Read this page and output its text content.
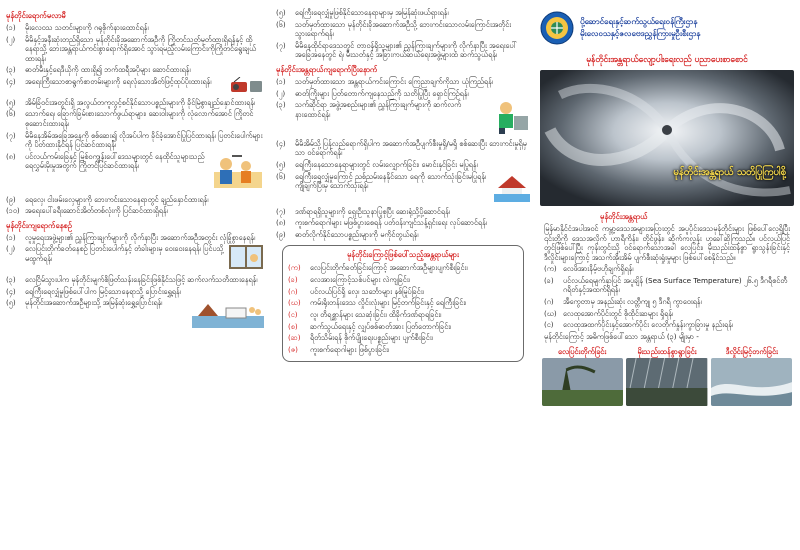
မုန်တိုင်းရောက်မလာမီ
(၁)	မိုးလေဝသ သတင်းများကို ဂရုစိုက်နားထောင်ရန်၊
(၂)	မိမိနှင့်အနီးဆုံးတည်ရှိသော မုန်တိုင်းခိုအဆောက်အဦကို ကြိုတင်သတ်မှတ်ထားရှိရန်နှင့် ထိုနေရာသို့ ဘေးအန္တရာယ်ကင်းစွာရောက်ရှိအောင် သွားရမည့်လမ်းကြောင်းကိုကြိုတင်ရွေးချယ်ထားရန်၊
(၃)	ဓာတ်မီးနှင့်ရေဒီယိုကို ထားရှိ၍ ဘက်ထရီအပိုများ ဆောင်ထားရန်၊
(၄)	အရေးကြီးသောစာရွက်စာတမ်းများကို ရေလုံသောအိတ်ဖြင့်ထုပ်ပိုးထားရန်၊
(၅)	အိမ်ခြံဝင်းအတွင်းရှိ အလွယ်တကူလွင့်စင်နိုင်သောပစ္စည်းများကို ခိုင်မြဲစွာချည်နှောင်ထားရန်၊
(၆)	သောက်ရေ၊ ခြောက်ခြမ်းစားသောက်ဖွယ်ရာများ၊ ဆေးဝါးများကို လုံလောက်အောင် ကြိုတင်စုဆောင်းထားရန်၊
(၇)	မိမိနေအိမ်အခြေအနေကို စစ်ဆေး၍ လိုအပ်ပါက ခိုင်ခံ့အောင်ပြုပြင်ထားရန်၊ ပြတင်းပေါက်များကို ပိတ်ထားနိုင်ရန် ပြင်ဆင်ထားရန်၊
(၈)	ပင်လယ်ကမ်းခြေနှင့် မြစ်ဝကျွန်းပေါ်ဒေသများတွင် နေထိုင်သူများသည် ရေလွှမ်းမိုးမှုအတွက် ကြိုတင်ပြင်ဆင်ထားရန်၊
(၉)	ရေလှေ၊ ငါးဖမ်းလှေများကို ဘေးကင်းသောနေရာတွင် ချည်နှောင်ထားရန်၊
(၁၀) အရေးပေါ်ခရီးဆောင်အိတ်တစ်လုံးကို ပြင်ဆင်ထားရှိရန်၊
မုန်တိုင်းကျရောက်နေစဉ်
(၁)	လူမှုရေးအဖွဲ့များ၏ ညွှန်ကြားချက်များကို လိုက်နာပြီး အဆောက်အဦအတွင်း လုံခြုံစွာနေရန်၊
(၂)	လေပြင်းတိုက်ခတ်နေစဉ် ပြတင်းပေါက်နှင့် တံခါးများမှ ဝေးဝေးနေရန်၊ ပြင်ပသို့ မထွက်ရန်၊
(၃)	လေငြိမ်သွားပါက မုန်တိုင်းမျက်စိဖြတ်သန်းနေခြင်းဖြစ်နိုင်သဖြင့် ဆက်လက်သတိထားနေရန်၊
(၄)	ရေကြီးရေလျှံမှုဖြစ်ပေါ်ပါက မြင့်သောနေရာသို့ ပြောင်းရွှေ့ရန်၊
(၅)	မုန်တိုင်းအဆောက်အဦများသို့ အမြန်ဆုံးရွှေ့ပြောင်းရန်၊
(၅)	ရေကြီးရေလျှံမှုဖြစ်နိုင်သောနေရာများမှ အမြန်ဆုံးဖယ်ရှားရန်၊
(၆)	သတ်မှတ်ထားသော မုန်တိုင်းခိုအဆောက်အဦသို့ ဘေးကင်းသောလမ်းကြောင်းအတိုင်း သွားရောက်ရန်၊
(၇)	မိမိနေထိုင်ရာဒေသတွင် တာဝန်ရှိသူများ၏ ညွှန်ကြားချက်များကို လိုက်နာပြီး အရေးပေါ်အခြေအနေတွင် ရဲ၊ မီးသတ်နှင့် အခြားကယ်ဆယ်ရေးအဖွဲ့များထံ ဆက်သွယ်ရန်၊
မုန်တိုင်းအန္တရာယ်ကျရောက်ပြီးနောက်
(၁)	သတ်မှတ်ထားသော အန္တရာယ်ကင်းကြောင်း ကြေညာချက်ကိုသာ ယုံကြည်ရန်၊
(၂)	ဓာတ်ကြိုးများ ပြတ်တောက်ကျနေသည်ကို သတိပြုပြီး ရှောင်ကြဉ်ရန်၊
(၃)	သက်ဆိုင်ရာ အဖွဲ့အစည်းများ၏ ညွှန်ကြားချက်များကို ဆက်လက်နားထောင်ရန်၊
(၄)	မိမိအိမ်သို့ပြန်လည်ရောက်ရှိပါက အဆောက်အဦပျက်စီးမှုရှိ/မရှိ စစ်ဆေးပြီး ဘေးကင်းမှုရှိမှသာ ဝင်ရောက်ရန်၊
(၅)	ရေကြီးနေသောနေရာများတွင် လမ်းလျှောက်ခြင်း၊ မောင်းနှင်ခြင်း မပြုရန်၊
(၆)	ရေကြီးရေလျှံမှုကြောင့် ညစ်ညမ်းနေနိုင်သော ရေကို သောက်သုံးခြင်းမပြုရန်၊ ကျိုချက်ပြီးမှ သောက်သုံးရန်၊
(၇)	ဒဏ်ရာရရှိသူများကို ရှေးဦးသူနာပြုစုပြီး ဆေးရုံသို့ပို့ဆောင်ရန်၊
(၈)	ကူးစက်ရောဂါများ မဖြစ်ပွားစေရန် ပတ်ဝန်းကျင်သန့်ရှင်းရေး လုပ်ဆောင်ရန်၊
(၉)	ဓာတ်လိုက်နိုင်သောပစ္စည်းများကို မကိုင်တွယ်ရန်၊
မုန်တိုင်းကြောင့်ဖြစ်ပေါ်သည့်အန္တရာယ်များ
(က)	လေပြင်းတိုက်ခတ်ခြင်းကြောင့် အဆောက်အဦများပျက်စီးခြင်း၊
(ခ)	လေအားကြောင့်သစ်ပင်များ လဲကျခြင်း၊
(ဂ)	ပင်လယ်ပြင်ရှိ လှေ၊ သင်္ဘောများ နစ်မြုပ်ခြင်း၊
(ဃ)	ကမ်းရိုးတန်းဒေသ လှိုင်းလုံးများ မြင့်တက်ခြင်းနှင့် ရေကြီးခြင်း၊
(င)	လူ၊ တိရစ္ဆာန်များ သေဆုံးခြင်း၊ ထိခိုက်ဒဏ်ရာရခြင်း၊
(စ)	ဆက်သွယ်ရေးနှင့် လျှပ်စစ်ဓာတ်အား ပြတ်တောက်ခြင်း၊
(ဆ)	ရိတ်သိမ်းရန် စိုက်ပျိုးရေးပစ္စည်းများ ပျက်စီးခြင်း၊
(ဇ)	ကူးစက်ရောဂါများ ဖြစ်ပွားခြင်း၊
ပို့ဆောင်ရေးနှင့်ဆက်သွယ်ရေးဝန်ကြီးဌာန
မိုးလေဝသနှင့်ဇလဗေဒညွှန်ကြားမှုဦးစီးဌာန
မုန်တိုင်းအန္တရာယ်လျော့ပါးရေးလည် ပညာပေးစာစောင်
မုန်တိုင်းအန္တရာယ် သတိပြုကြပါစို့
မုန်တိုင်းအန္တရာယ်
မြန်မာနိုင်ငံအပါအဝင် ကမ္ဘာ့ဒေသအများအပြားတွင် အပူပိုင်းဒေသမုန်တိုင်းများ ဖြစ်ပေါ်လေ့ရှိပြီး ၎င်းတို့ကို ဒေသအလိုက် ဟာရီကိန်း၊ တိုင်ဖွန်း၊ ဆိုက်ကလုန်း ဟုခေါ်ဆိုကြသည်။ ပင်လယ်ပြင်တွင်ဖြစ်ပေါ်ပြီး ကုန်းတွင်းသို့ ဝင်ရောက်သောအခါ လေပြင်း၊ မိုးသည်းထန်စွာ ရွာသွန်းခြင်းနှင့် ဒီလှိုင်းများကြောင့် အသက်အိုးအိမ် ပျက်စီးဆုံးရှုံးမှုများ ဖြစ်ပေါ်စေနိုင်သည်။
(က) လေဖိအားနိမ့်ဗဟိုချက်ရှိရန်၊
(ခ)	ပင်လယ်ရေမျက်နှာပြင် အပူချိန် (Sea Surface Temperature) ၂၆.၅ ဒီဂရီစင်တီဂရိတ်နှင့်အထက်ရှိရန်၊
(ဂ)	အီကွေတာမှ အနည်းဆုံး လတ္တီကျု ၅ ဒီဂရီ ကွာဝေးရန်၊
(ဃ) လေထုအောက်ပိုင်းတွင် စိုထိုင်းဆများ ရှိရန်၊
(င)	လေထုအထက်ပိုင်းနှင့်အောက်ပိုင်း လေတိုက်နှုန်းကွာခြားမှု နည်းရန်၊
မုန်တိုင်းကြောင့် အဓိကဖြစ်ပေါ်သော အန္တရာယ် (၃) မျိုးမှာ -
လေပြင်းတိုက်ခြင်း	မိုးသည်းထန်စွာရွာခြင်း	ဒီလှိုင်းမြင့်တက်ခြင်း
